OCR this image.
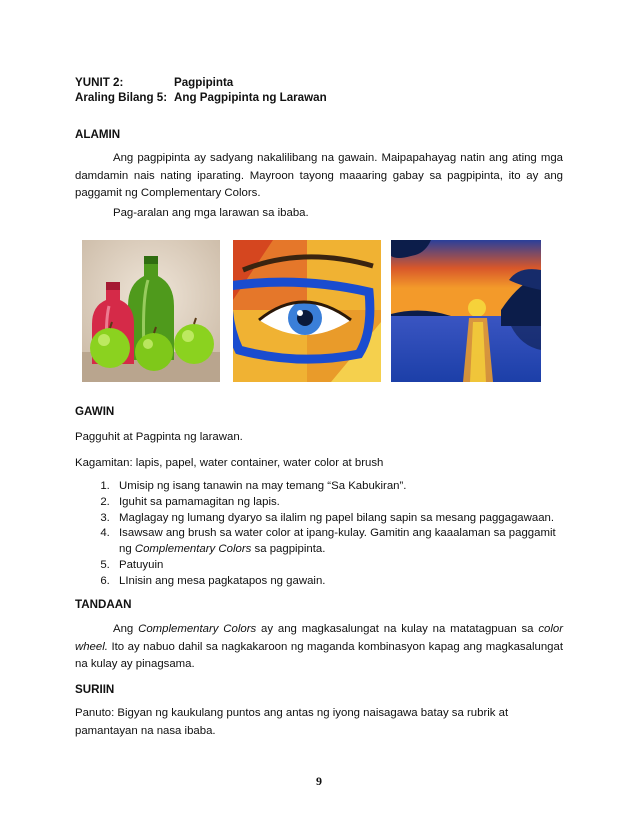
YUNIT 2:	Pagpipinta
Araling Bilang 5: Ang Pagpipinta ng Larawan
ALAMIN
Ang pagpipinta ay sadyang nakalilibang na gawain. Maipapahayag natin ang ating mga damdamin nais nating iparating. Mayroon tayong maaaring gabay sa pagpipinta, ito ay ang paggamit ng Complementary Colors.
Pag-aralan ang mga larawan sa ibaba.
GAWIN
Pagguhit at Pagpinta ng larawan.
Kagamitan: lapis, papel, water container, water color at brush
1. Umisip ng isang tanawin na may temang “Sa Kabukiran”.
2. Iguhit sa pamamagitan ng lapis.
3. Maglagay ng lumang dyaryo sa ilalim ng papel bilang sapin sa mesang paggagawaan.
4. Isawsaw ang brush sa water color at ipang-kulay. Gamitin ang kaaalaman sa paggamit ng Complementary Colors sa pagpipinta.
5. Patuyuin
6. LInisin ang mesa pagkatapos ng gawain.
TANDAAN
Ang Complementary Colors ay ang magkasalungat na kulay na matatagpuan sa color wheel. Ito ay nabuo dahil sa nagkakaroon ng maganda kombinasyon kapag ang magkasalungat na kulay ay pinagsama.
SURIIN
Panuto: Bigyan ng kaukulang puntos ang antas ng iyong naisagawa batay sa rubrik at pamantayan na nasa ibaba.
9
